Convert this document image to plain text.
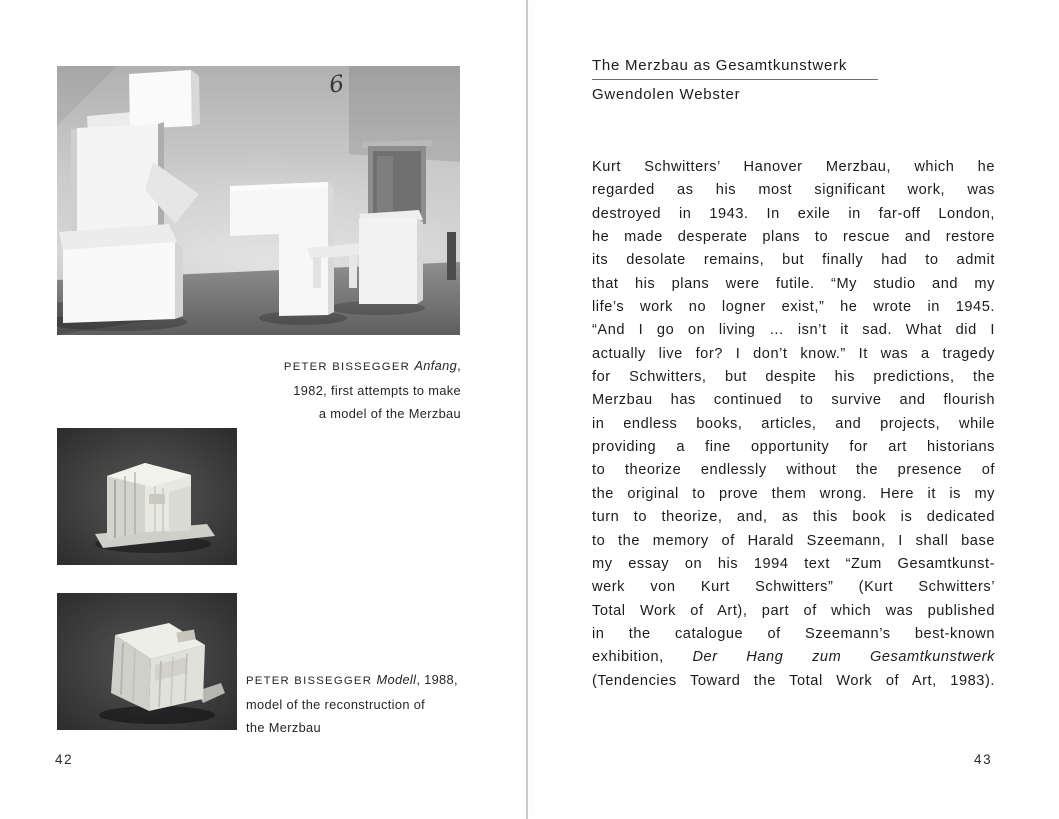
6
PETER BISSEGGER Anfang,
1982, first attempts to make
a model of the Merzbau
PETER BISSEGGER Modell, 1988,
model of the reconstruction of
the Merzbau
42
The Merzbau as Gesamtkunstwerk
Gwendolen Webster
Kurt Schwitters’ Hanover Merzbau, which he
regarded as his most significant work, was
destroyed in 1943. In exile in far-off London,
he made desperate plans to rescue and restore
its desolate remains, but finally had to admit
that his plans were futile. “My studio and my
life’s work no logner exist,” he wrote in 1945.
“And I go on living … isn’t it sad. What did I
actually live for? I don’t know.” It was a tragedy
for Schwitters, but despite his predictions, the
Merzbau has continued to survive and flourish
in endless books, articles, and projects, while
providing a fine opportunity for art historians
to theorize endlessly without the presence of
the original to prove them wrong. Here it is my
turn to theorize, and, as this book is dedicated
to the memory of Harald Szeemann, I shall base
my essay on his 1994 text “Zum Gesamtkunst-
werk von Kurt Schwitters” (Kurt Schwitters’
Total Work of Art), part of which was published
in the catalogue of Szeemann’s best-known
exhibition, Der Hang zum Gesamtkunstwerk
(Tendencies Toward the Total Work of Art, 1983).
43
